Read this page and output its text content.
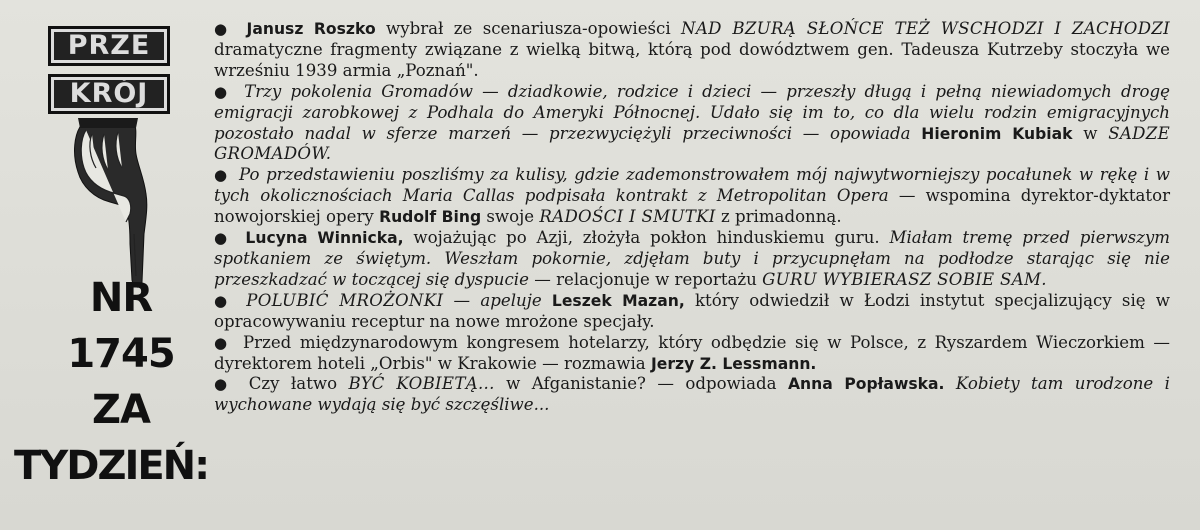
PRZE
KRÓJ
NR
1745
ZA
TYDZIEŃ:

● Janusz Roszko wybrał ze scenariusza-opowieści NAD BZURĄ SŁOŃCE TEŻ WSCHODZI I ZACHODZI dramatyczne fragmenty związane z wielką bitwą, którą pod dowództwem gen. Tadeusza Kutrzeby stoczyła we wrześniu 1939 armia „Poznań".

● Trzy pokolenia Gromadów — dziadkowie, rodzice i dzieci — przeszły długą i pełną niewiadomych drogę emigracji zarobkowej z Podhala do Ameryki Północnej. Udało się im to, co dla wielu rodzin emigracyjnych pozostało nadal w sferze marzeń — przezwyciężyli przeciwności — opowiada Hieronim Kubiak w SADZE GROMADÓW.

● Po przedstawieniu poszliśmy za kulisy, gdzie zademonstrowałem mój najwytworniejszy pocałunek w rękę i w tych okolicznościach Maria Callas podpisała kontrakt z Metropolitan Opera — wspomina dyrektor-dyktator nowojorskiej opery Rudolf Bing swoje RADOŚCI I SMUTKI z primadonną.

● Lucyna Winnicka, wojażując po Azji, złożyła pokłon hinduskiemu guru. Miałam tremę przed pierwszym spotkaniem ze świętym. Weszłam pokornie, zdjęłam buty i przycupnęłam na podłodze starając się nie przeszkadzać w toczącej się dyspucie — relacjonuje w reportażu GURU WYBIERASZ SOBIE SAM.

● POLUBIĆ MROŻONKI — apeluje Leszek Mazan, który odwiedził w Łodzi instytut specjalizujący się w opracowywaniu receptur na nowe mrożone specjały.

● Przed międzynarodowym kongresem hotelarzy, który odbędzie się w Polsce, z Ryszardem Wieczorkiem — dyrektorem hoteli „Orbis" w Krakowie — rozmawia Jerzy Z. Lessmann.

● Czy łatwo BYĆ KOBIETĄ... w Afganistanie? — odpowiada Anna Popławska. Kobiety tam urodzone i wychowane wydają się być szczęśliwe...
